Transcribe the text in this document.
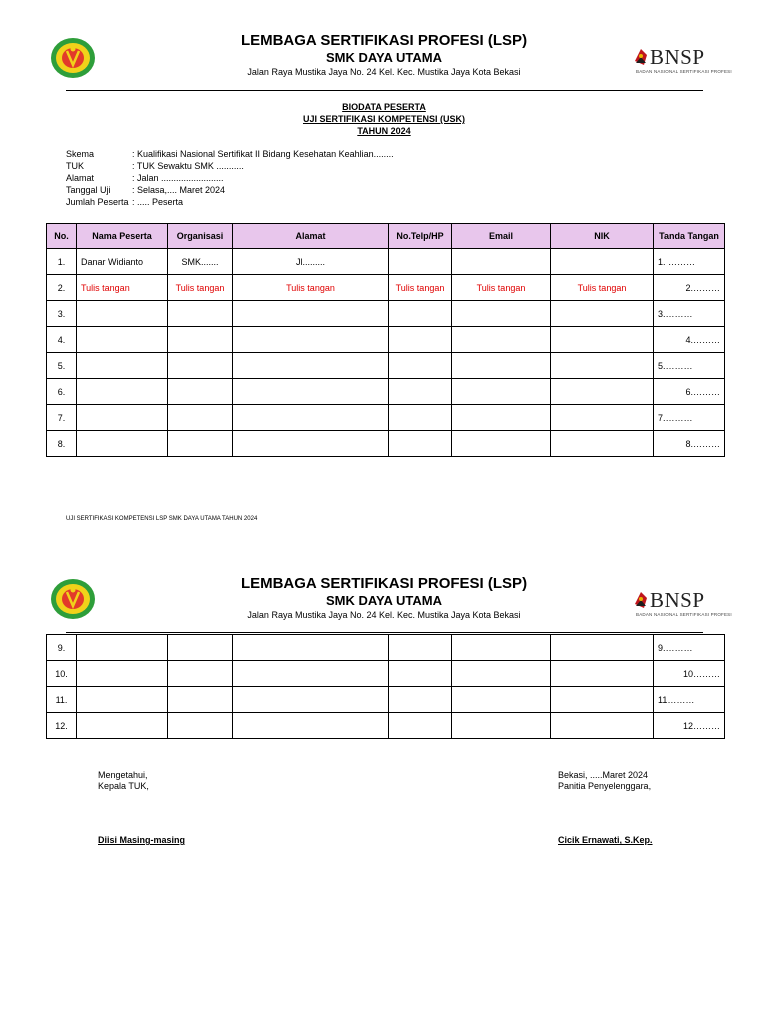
LEMBAGA SERTIFIKASI PROFESI (LSP)
SMK DAYA UTAMA
Jalan Raya Mustika Jaya No. 24 Kel. Kec. Mustika Jaya Kota Bekasi
BNSP
BADAN NASIONAL SERTIFIKASI PROFESI
BIODATA PESERTA
UJI SERTIFIKASI KOMPETENSI (USK)
TAHUN 2024
Skema	: Kualifikasi Nasional Sertifikat II Bidang Kesehatan Keahlian........
TUK	: TUK Sewaktu SMK ...........
Alamat	: Jalan .........................
Tanggal Uji : Selasa,.... Maret 2024
Jumlah Peserta : ..... Peserta
No.	Nama Peserta	Organisasi	Alamat	No.Telp/HP	Email	NIK	Tanda Tangan
1.	Danar Widianto	SMK.......	Jl.........				1. ………
2.	Tulis tangan	Tulis tangan	Tulis tangan	Tulis tangan	Tulis tangan	Tulis tangan	2.………
3.							3.………
4.							4.………
5.							5.………
6.							6.………
7.							7.………
8.							8.………
UJI SERTIFIKASI KOMPETENSI LSP SMK DAYA UTAMA TAHUN 2024
LEMBAGA SERTIFIKASI PROFESI (LSP)
SMK DAYA UTAMA
Jalan Raya Mustika Jaya No. 24 Kel. Kec. Mustika Jaya Kota Bekasi
BNSP
BADAN NASIONAL SERTIFIKASI PROFESI
9.							9.………
10.							10………
11.							11………
12.							12………
Mengetahui,
Kepala TUK,
Diisi Masing-masing
Bekasi, .....Maret 2024
Panitia Penyelenggara,
Cicik Ernawati, S.Kep.
